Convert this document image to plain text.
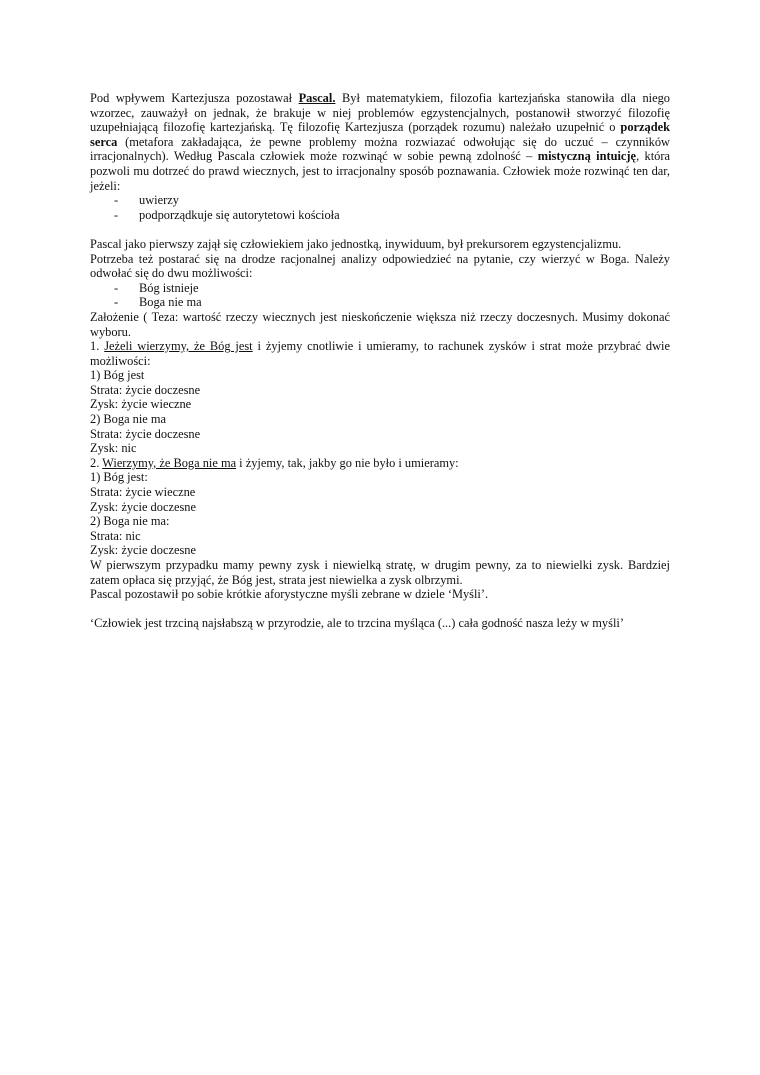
Pod wpływem Kartezjusza pozostawał Pascal. Był matematykiem, filozofia kartezjańska stanowiła dla niego wzorzec, zauważył on jednak, że brakuje w niej problemów egzystencjalnych, postanowił stworzyć filozofię uzupełniającą filozofię kartezjańską. Tę filozofię Kartezjusza (porządek rozumu) należało uzupełnić o porządek serca (metafora zakładająca, że pewne problemy można rozwiazać odwołując się do uczuć – czynników irracjonalnych). Według Pascala człowiek może rozwinąć w sobie pewną zdolność – mistyczną intuicję, która pozwoli mu dotrzeć do prawd wiecznych, jest to irracjonalny sposób poznawania. Człowiek może rozwinąć ten dar, jeżeli:

- uwierzy
- podporządkuje się autorytetowi kościoła

Pascal jako pierwszy zajął się człowiekiem jako jednostką, inywiduum, był prekursorem egzystencjalizmu.

Potrzeba też postarać się na drodze racjonalnej analizy odpowiedzieć na pytanie, czy wierzyć w Boga. Należy odwołać się do dwu możliwości:

- Bóg istnieje
- Boga nie ma

Założenie ( Teza: wartość rzeczy wiecznych jest nieskończenie większa niż rzeczy doczesnych. Musimy dokonać wyboru.

1. Jeżeli wierzymy, że Bóg jest i żyjemy cnotliwie i umieramy, to rachunek zysków i strat może przybrać dwie możliwości:

1) Bóg jest

Strata: życie doczesne

Zysk: życie wieczne

2) Boga nie ma

Strata: życie doczesne

Zysk: nic

2. Wierzymy, że Boga nie ma i żyjemy, tak, jakby go nie było i umieramy:

1) Bóg jest:

Strata: życie wieczne

Zysk: życie doczesne

2) Boga nie ma:

Strata: nic

Zysk: życie doczesne

W pierwszym przypadku mamy pewny zysk i niewielką stratę, w drugim pewny, za to niewielki zysk. Bardziej zatem opłaca się przyjąć, że Bóg jest, strata jest niewielka a zysk olbrzymi.

Pascal pozostawił po sobie krótkie aforystyczne myśli zebrane w dziele ‘Myśli’.

‘Człowiek jest trzciną najsłabszą w przyrodzie, ale to trzcina myśląca (...) cała godność nasza leży w myśli’
